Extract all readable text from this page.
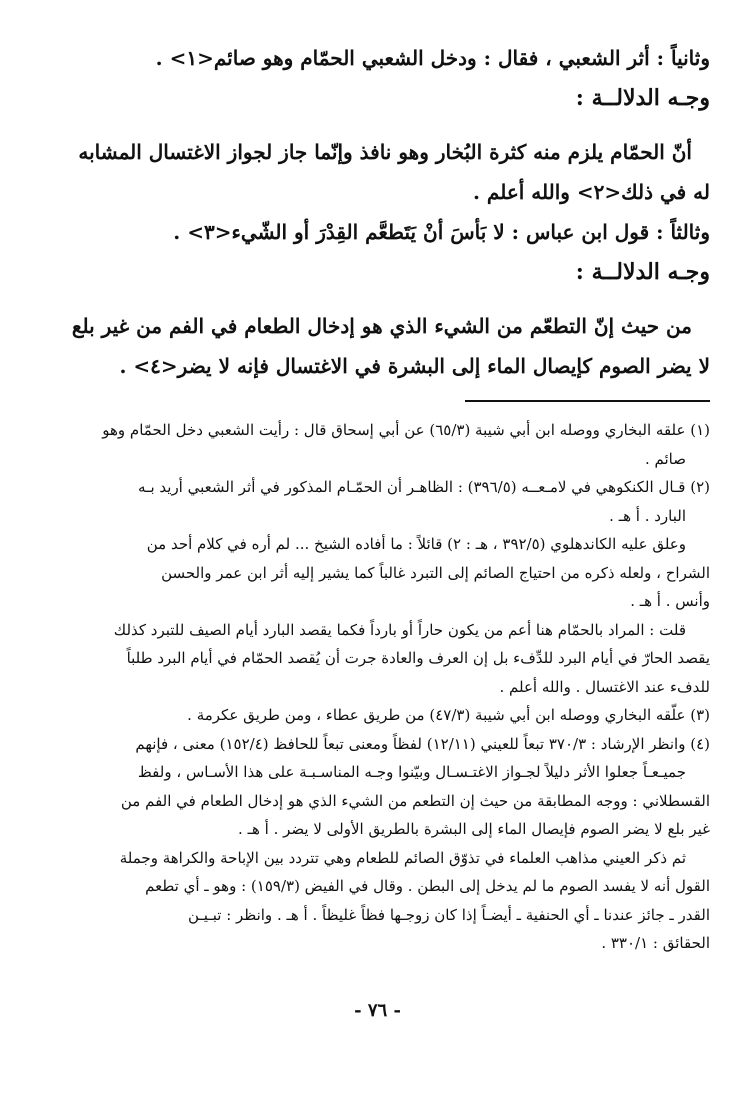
وثانياً : أثر الشعبي ، فقال : ودخل الشعبي الحمّام وهو صائم<١> .

وجـه الدلالــة :

أنّ الحمّام يلزم منه كثرة البُخار وهو نافذ وإنّما جاز لجواز الاغتسال المشابه

له في ذلك<٢> والله أعلم .

وثالثاً : قول ابن عباس : لا بَأسَ أنْ يَتَطعَّم القِدْرَ أو الشّيء<٣> .

وجـه الدلالــة :

من حيث إنّ التطعّم من الشيء الذي هو إدخال الطعام في الفم من غير بلع

لا يضر الصوم كإيصال الماء إلى البشرة في الاغتسال فإنه لا يضر<٤> .

(١) علقه البخاري ووصله ابن أبي شيبة (٦٥/٣) عن أبي إسحاق قال : رأيت الشعبي دخل الحمّام وهو

صائم .

(٢) قـال الكنكوهي في لامـعــه (٣٩٦/٥) : الظاهـر أن الحمّـام المذكور في أثر الشعبي أريد بـه

البارد . أ هـ .

وعلق عليه الكاندهلوي (٣٩٢/٥ ، هـ : ٢) قائلاً : ما أفاده الشيخ ... لم أره في كلام أحد من

الشراح ، ولعله ذكره من احتياج الصائم إلى التبرد غالباً كما يشير إليه أثر ابن عمر والحسن

وأنس . أ هـ .

قلت : المراد بالحمّام هنا أعم من يكون حاراً أو بارداً فكما يقصد البارد أيام الصيف للتبرد كذلك

يقصد الحارّ في أيام البرد للدِّفء بل إن العرف والعادة جرت أن يُقصد الحمّام في أيام البرد طلباً

للدفء عند الاغتسال . والله أعلم .

(٣) علّقه البخاري ووصله ابن أبي شيبة (٤٧/٣) من طريق عطاء ، ومن طريق عكرمة .

(٤) وانظر الإرشاد : ٣٧٠/٣ تبعاً للعيني (١٢/١١) لفظاً ومعنى تبعاً للحافظ (١٥٢/٤) معنى ، فإنهم

جميـعـاً جعلوا الأثر دليلاً لجـواز الاغتـسـال وبيّنوا وجـه المناسـبـة على هذا الأسـاس ، ولفظ

القسطلاني : ووجه المطابقة من حيث إن التطعم من الشيء الذي هو إدخال الطعام في الفم من

غير بلع لا يضر الصوم فإيصال الماء إلى البشرة بالطريق الأولى لا يضر . أ هـ .

ثم ذكر العيني مذاهب العلماء في تذوّق الصائم للطعام وهي تتردد بين الإباحة والكراهة وجملة

القول أنه لا يفسد الصوم ما لم يدخل إلى البطن . وقال في الفيض (١٥٩/٣) : وهو ـ أي تطعم

القدر ـ جائز عندنا ـ أي الحنفية ـ أيضـاً إذا كان زوجـها فظاً غليظاً . أ هـ . وانظر : تبـيـن

الحقائق : ٣٣٠/١ .

- ٧٦ -
